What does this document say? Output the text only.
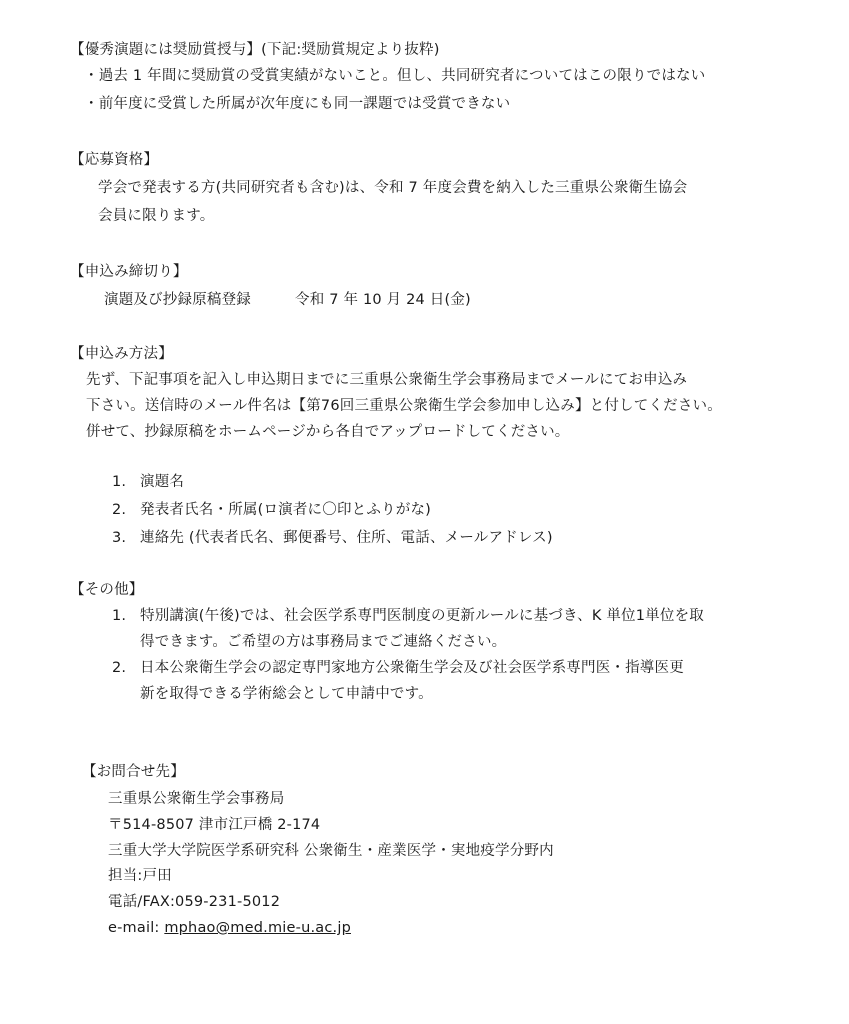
【優秀演題には奨励賞授与】(下記:奨励賞規定より抜粋)
・過去 1 年間に奨励賞の受賞実績がないこと。但し、共同研究者についてはこの限りではない
・前年度に受賞した所属が次年度にも同一課題では受賞できない
【応募資格】
学会で発表する方(共同研究者も含む)は、令和 7 年度会費を納入した三重県公衆衛生協会
会員に限ります。
【申込み締切り】
演題及び抄録原稿登録	令和 7 年 10 月 24 日(金)
【申込み方法】
先ず、下記事項を記入し申込期日までに三重県公衆衛生学会事務局までメールにてお申込み
下さい。送信時のメール件名は【第76回三重県公衆衛生学会参加申し込み】と付してください。
併せて、抄録原稿をホームページから各自でアップロードしてください。
1. 演題名
2. 発表者氏名・所属(ロ演者に〇印とふりがな)
3. 連絡先 (代表者氏名、郵便番号、住所、電話、メールアドレス)
【その他】
1. 特別講演(午後)では、社会医学系専門医制度の更新ルールに基づき、K 単位1単位を取
得できます。ご希望の方は事務局までご連絡ください。
2. 日本公衆衛生学会の認定専門家地方公衆衛生学会及び社会医学系専門医・指導医更
新を取得できる学術総会として申請中です。
【お問合せ先】
三重県公衆衛生学会事務局
〒514-8507 津市江戸橋 2-174
三重大学大学院医学系研究科 公衆衛生・産業医学・実地疫学分野内
担当:戸田
電話/FAX:059-231-5012
e-mail: mphao@med.mie-u.ac.jp
